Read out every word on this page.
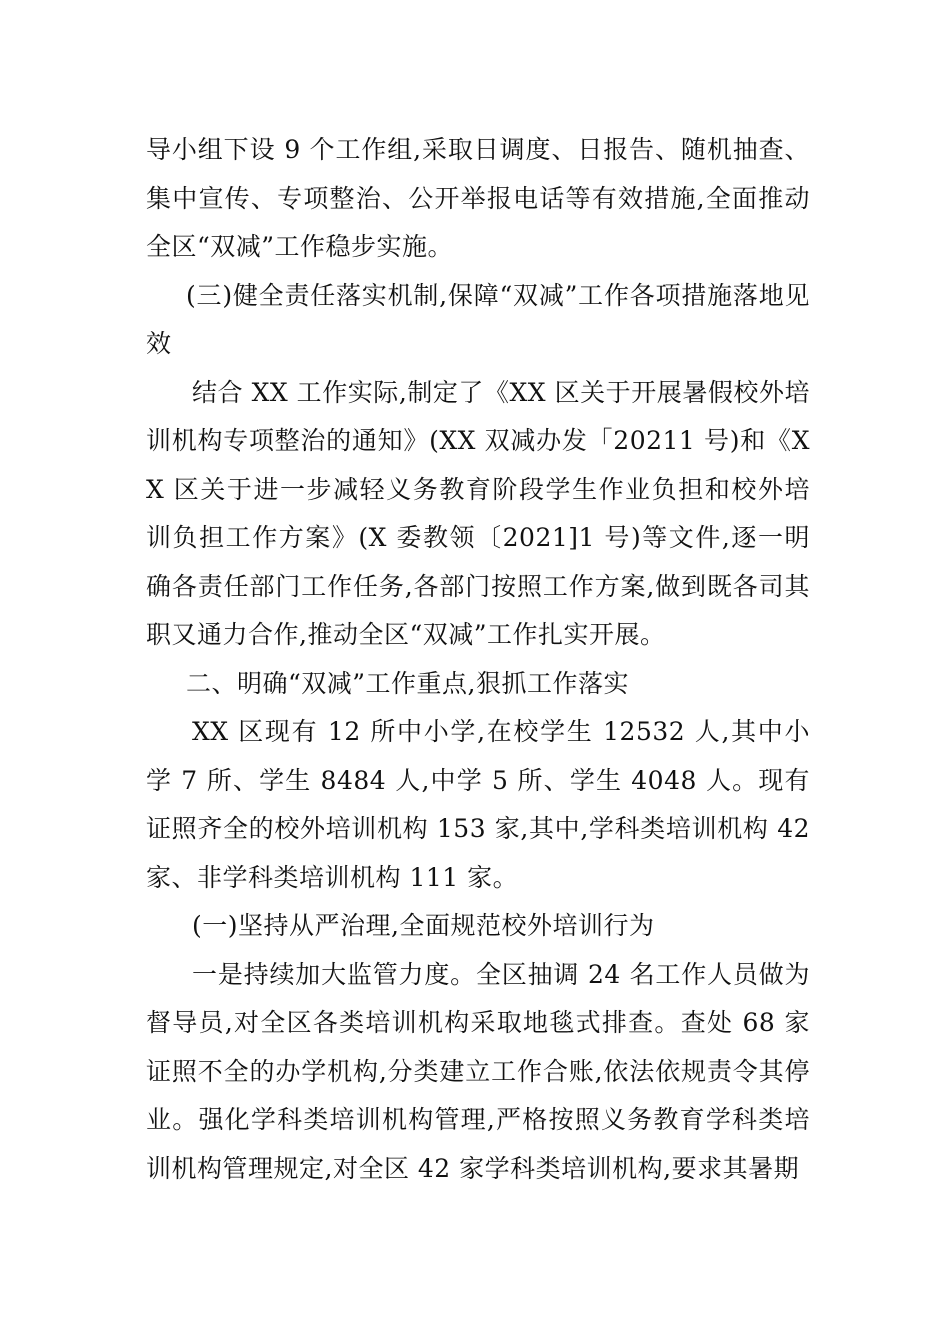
导小组下设 9 个工作组,采取日调度、日报告、随机抽查、集中宣传、专项整治、公开举报电话等有效措施,全面推动全区“双减”工作稳步实施。

(三)健全责任落实机制,保障“双减”工作各项措施落地见效

结合 XX 工作实际,制定了《XX 区关于开展暑假校外培训机构专项整治的通知》(XX 双减办发「20211 号)和《XX 区关于进一步减轻义务教育阶段学生作业负担和校外培训负担工作方案》(X 委教领〔2021]1 号)等文件,逐一明确各责任部门工作任务,各部门按照工作方案,做到既各司其职又通力合作,推动全区“双减”工作扎实开展。

二、明确“双减”工作重点,狠抓工作落实

XX 区现有 12 所中小学,在校学生 12532 人,其中小学 7 所、学生 8484 人,中学 5 所、学生 4048 人。现有证照齐全的校外培训机构 153 家,其中,学科类培训机构 42 家、非学科类培训机构 111 家。

(一)坚持从严治理,全面规范校外培训行为

一是持续加大监管力度。全区抽调 24 名工作人员做为督导员,对全区各类培训机构采取地毯式排查。查处 68 家证照不全的办学机构,分类建立工作合账,依法依规责令其停业。强化学科类培训机构管理,严格按照义务教育学科类培训机构管理规定,对全区 42 家学科类培训机构,要求其暑期
